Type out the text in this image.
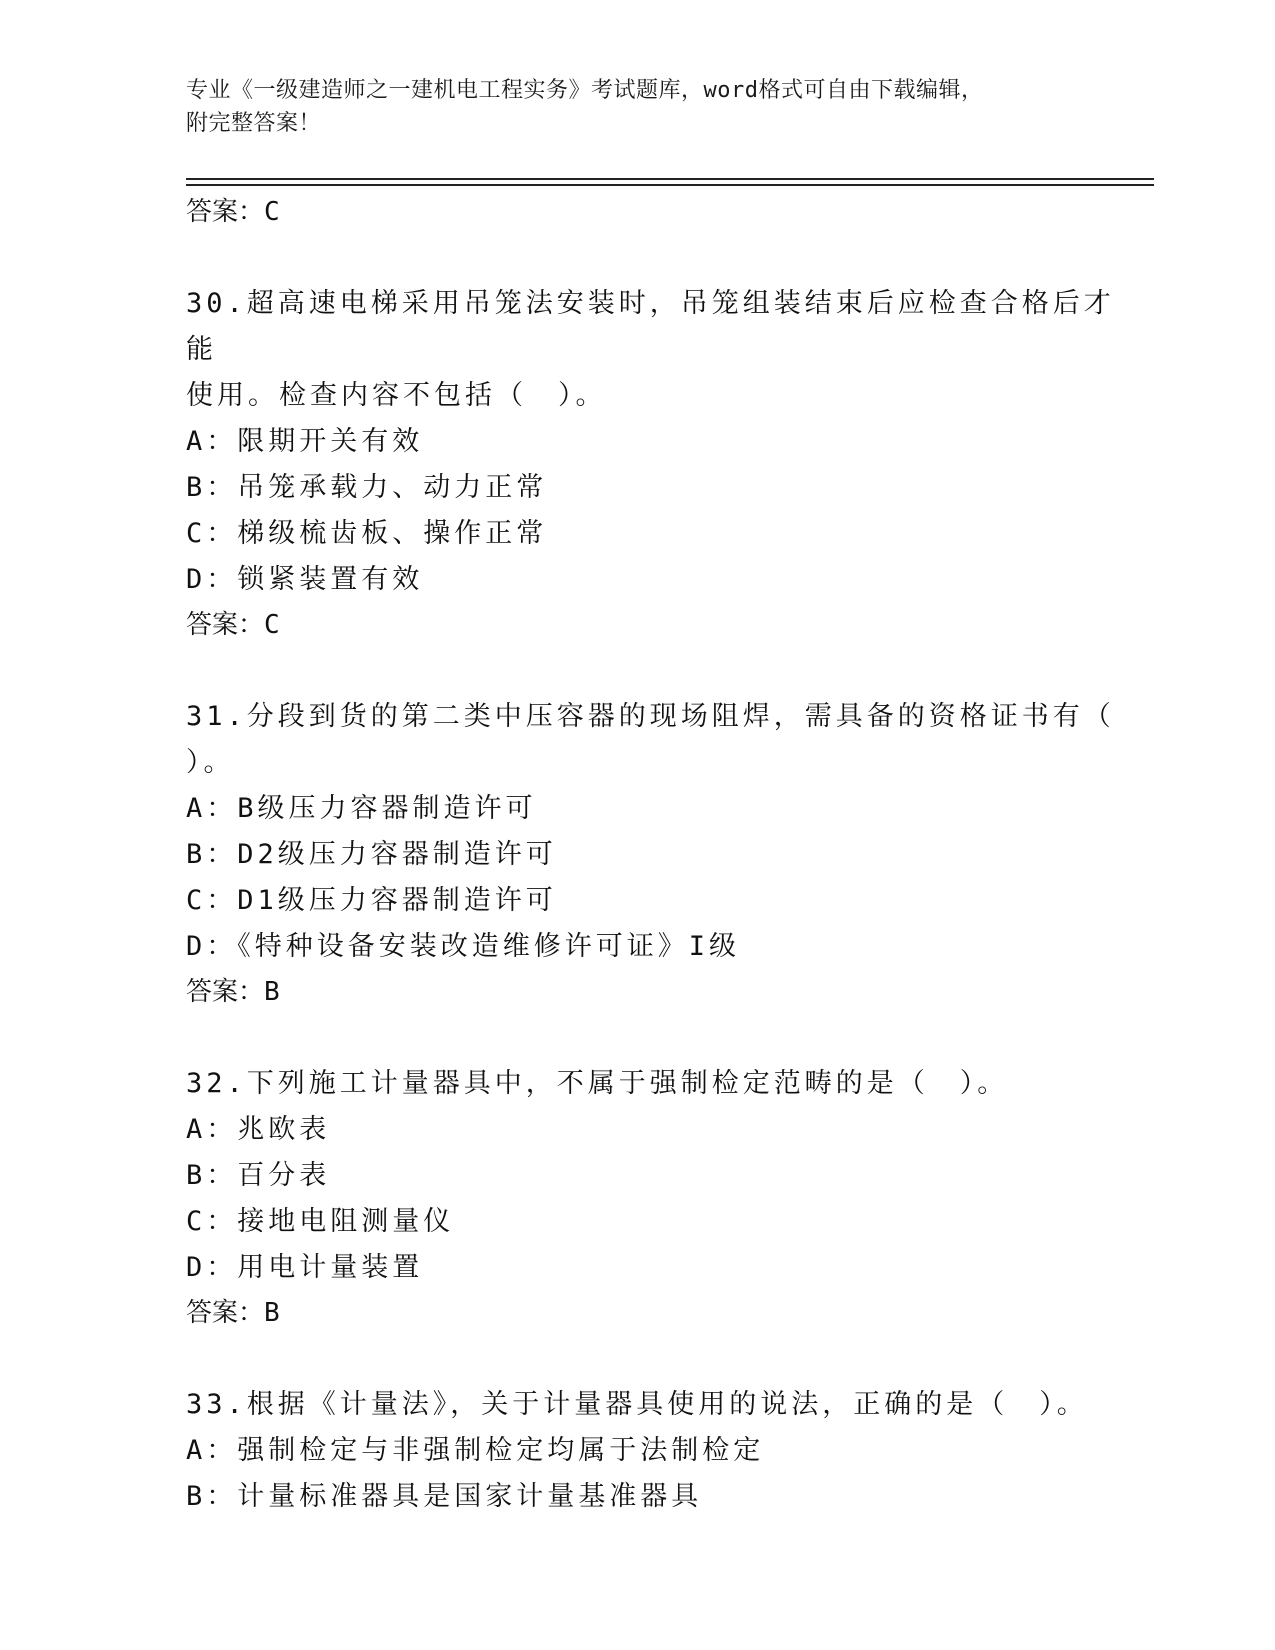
专业《一级建造师之一建机电工程实务》考试题库，word格式可自由下载编辑，
附完整答案！
答案：C
30.超高速电梯采用吊笼法安装时，吊笼组装结束后应检查合格后才能
使用。检查内容不包括（　）。
A：限期开关有效
B：吊笼承载力、动力正常
C：梯级梳齿板、操作正常
D：锁紧装置有效
答案：C
31.分段到货的第二类中压容器的现场阻焊，需具备的资格证书有（
）。
A：B级压力容器制造许可
B：D2级压力容器制造许可
C：D1级压力容器制造许可
D：《特种设备安装改造维修许可证》I级
答案：B
32.下列施工计量器具中，不属于强制检定范畴的是（　）。
A：兆欧表
B：百分表
C：接地电阻测量仪
D：用电计量装置
答案：B
33.根据《计量法》，关于计量器具使用的说法，正确的是（　）。
A：强制检定与非强制检定均属于法制检定
B：计量标准器具是国家计量基准器具
